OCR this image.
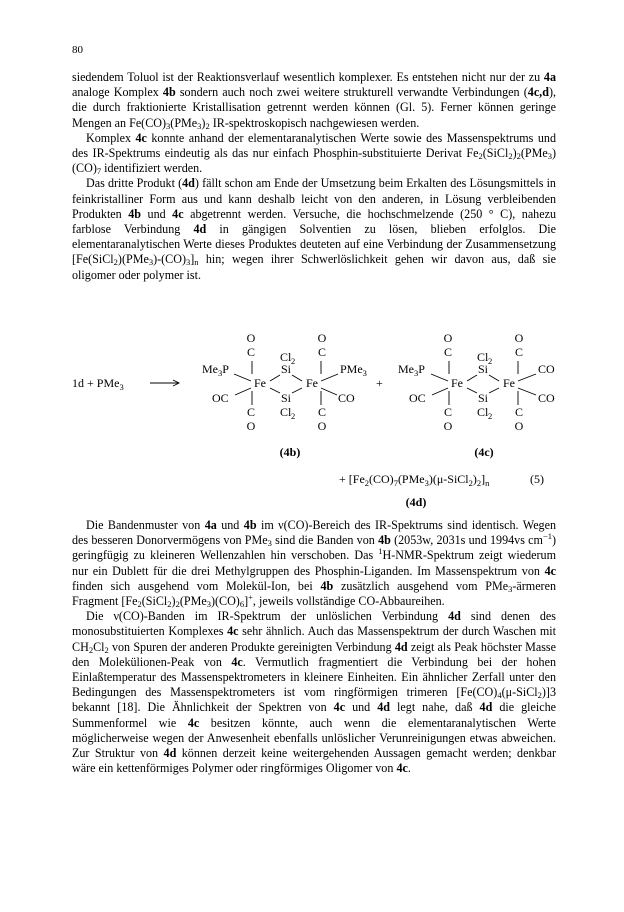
80

siedendem Toluol ist der Reaktionsverlauf wesentlich komplexer. Es entstehen nicht nur der zu 4a analoge Komplex 4b sondern auch noch zwei weitere strukturell verwandte Verbindungen (4c,d), die durch fraktionierte Kristallisation getrennt werden können (Gl. 5). Ferner können geringe Mengen an $Fe(CO)_3(PMe_3)_2$ IR-spektroskopisch nachgewiesen werden.

Komplex 4c konnte anhand der elementaranalytischen Werte sowie des Massenspektrums und des IR-Spektrums eindeutig als das nur einfach Phosphin-substituierte Derivat $Fe_2(SiCl_2)_2(PMe_3)(CO)_7$ identifiziert werden.

Das dritte Produkt (4d) fällt schon am Ende der Umsetzung beim Erkalten des Lösungsmittels in feinkristalliner Form aus und kann deshalb leicht von den anderen, in Lösung verbleibenden Produkten 4b und 4c abgetrennt werden. Versuche, die hochschmelzende (250 ° C), nahezu farblose Verbindung 4d in gängigen Solventien zu lösen, blieben erfolglos. Die elementaranalytischen Werte dieses Produktes deuteten auf eine Verbindung der Zusammensetzung $[Fe(SiCl_2)(PMe_3)-(CO)_3]_n$ hin; wegen ihrer Schwerlöslichkeit gehen wir davon aus, daß sie oligomer oder polymer ist.

1d + PMe$_3$
O	O
C	C
Cl 2
$Me_3P$	PMe$_3$
Si
Fe	Fe
OC	CO
Si
C	C
Cl 2
O	O
(4b)
+
O	O
C	C
Cl 2
$Me_3P$	CO
Si
Fe	Fe
OC	CO
Si
C	C
Cl 2
O	O
(4c)
+ $[Fe_2(CO)_7(PMe_3)(\mu-SiCl_2)_2]_n$	(5)
(4d)

Die Bandenmuster von 4a und 4b im ν(CO)-Bereich des IR-Spektrums sind identisch. Wegen des besseren Donorvermögens von PMe$_3$ sind die Banden von 4b (2053w, 2031s und 1994vs $cm^{-1}$) geringfügig zu kleineren Wellenzahlen hin verschoben. Das $^1$H-NMR-Spektrum zeigt wiederum nur ein Dublett für die drei Methylgruppen des Phosphin-Liganden. Im Massenspektrum von 4c finden sich ausgehend vom Molekül-Ion, bei 4b zusätzlich ausgehend vom PMe$_3$-ärmeren Fragment $[Fe_2(SiCl_2)_2(PMe_3)(CO)_6]^+$, jeweils vollständige CO-Abbaureihen.

Die ν(CO)-Banden im IR-Spektrum der unlöslichen Verbindung 4d sind denen des monosubstituierten Komplexes 4c sehr ähnlich. Auch das Massenspektrum der durch Waschen mit $CH_2Cl_2$ von Spuren der anderen Produkte gereinigten Verbindung 4d zeigt als Peak höchster Masse den Molekülionen-Peak von 4c. Vermutlich fragmentiert die Verbindung bei der hohen Einlaßtemperatur des Massenspektrometers in kleinere Einheiten. Ein ähnlicher Zerfall unter den Bedingungen des Massenspektrometers ist vom ringförmigen trimeren $[Fe(CO)_4(\mu-SiCl_2)]3$ bekannt [18]. Die Ähnlichkeit der Spektren von 4c und 4d legt nahe, daß 4d die gleiche Summenformel wie 4c besitzen könnte, auch wenn die elementaranalytischen Werte möglicherweise wegen der Anwesenheit ebenfalls unlöslicher Verunreinigungen etwas abweichen. Zur Struktur von 4d können derzeit keine weitergehenden Aussagen gemacht werden; denkbar wäre ein kettenförmiges Polymer oder ringförmiges Oligomer von 4c.
